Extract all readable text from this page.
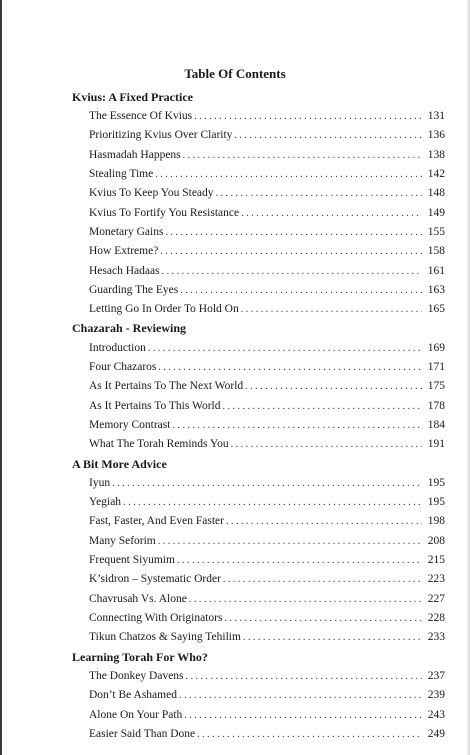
Table Of Contents
Kvius: A Fixed Practice
The Essence Of Kvius . . .	131
Prioritizing Kvius Over Clarity . . .	136
Hasmadah Happens . . .	138
Stealing Time . . .	142
Kvius To Keep You Steady . . .	148
Kvius To Fortify You Resistance . . .	149
Monetary Gains . . .	155
How Extreme? . . .	158
Hesach Hadaas . . .	161
Guarding The Eyes . . .	163
Letting Go In Order To Hold On . . .	165
Chazarah - Reviewing
Introduction . . .	169
Four Chazaros . . .	171
As It Pertains To The Next World . . .	175
As It Pertains To This World . . .	178
Memory Contrast . . .	184
What The Torah Reminds You . . .	191
A Bit More Advice
Iyun . . .	195
Yegiah . . .	195
Fast, Faster, And Even Faster . . .	198
Many Seforim . . .	208
Frequent Siyumim . . .	215
K’sidron – Systematic Order . . .	223
Chavrusah Vs. Alone . . .	227
Connecting With Originators . . .	228
Tikun Chatzos & Saying Tehilim . . .	233
Learning Torah For Who?
The Donkey Davens . . .	237
Don’t Be Ashamed . . .	239
Alone On Your Path . . .	243
Easier Said Than Done . . .	249
